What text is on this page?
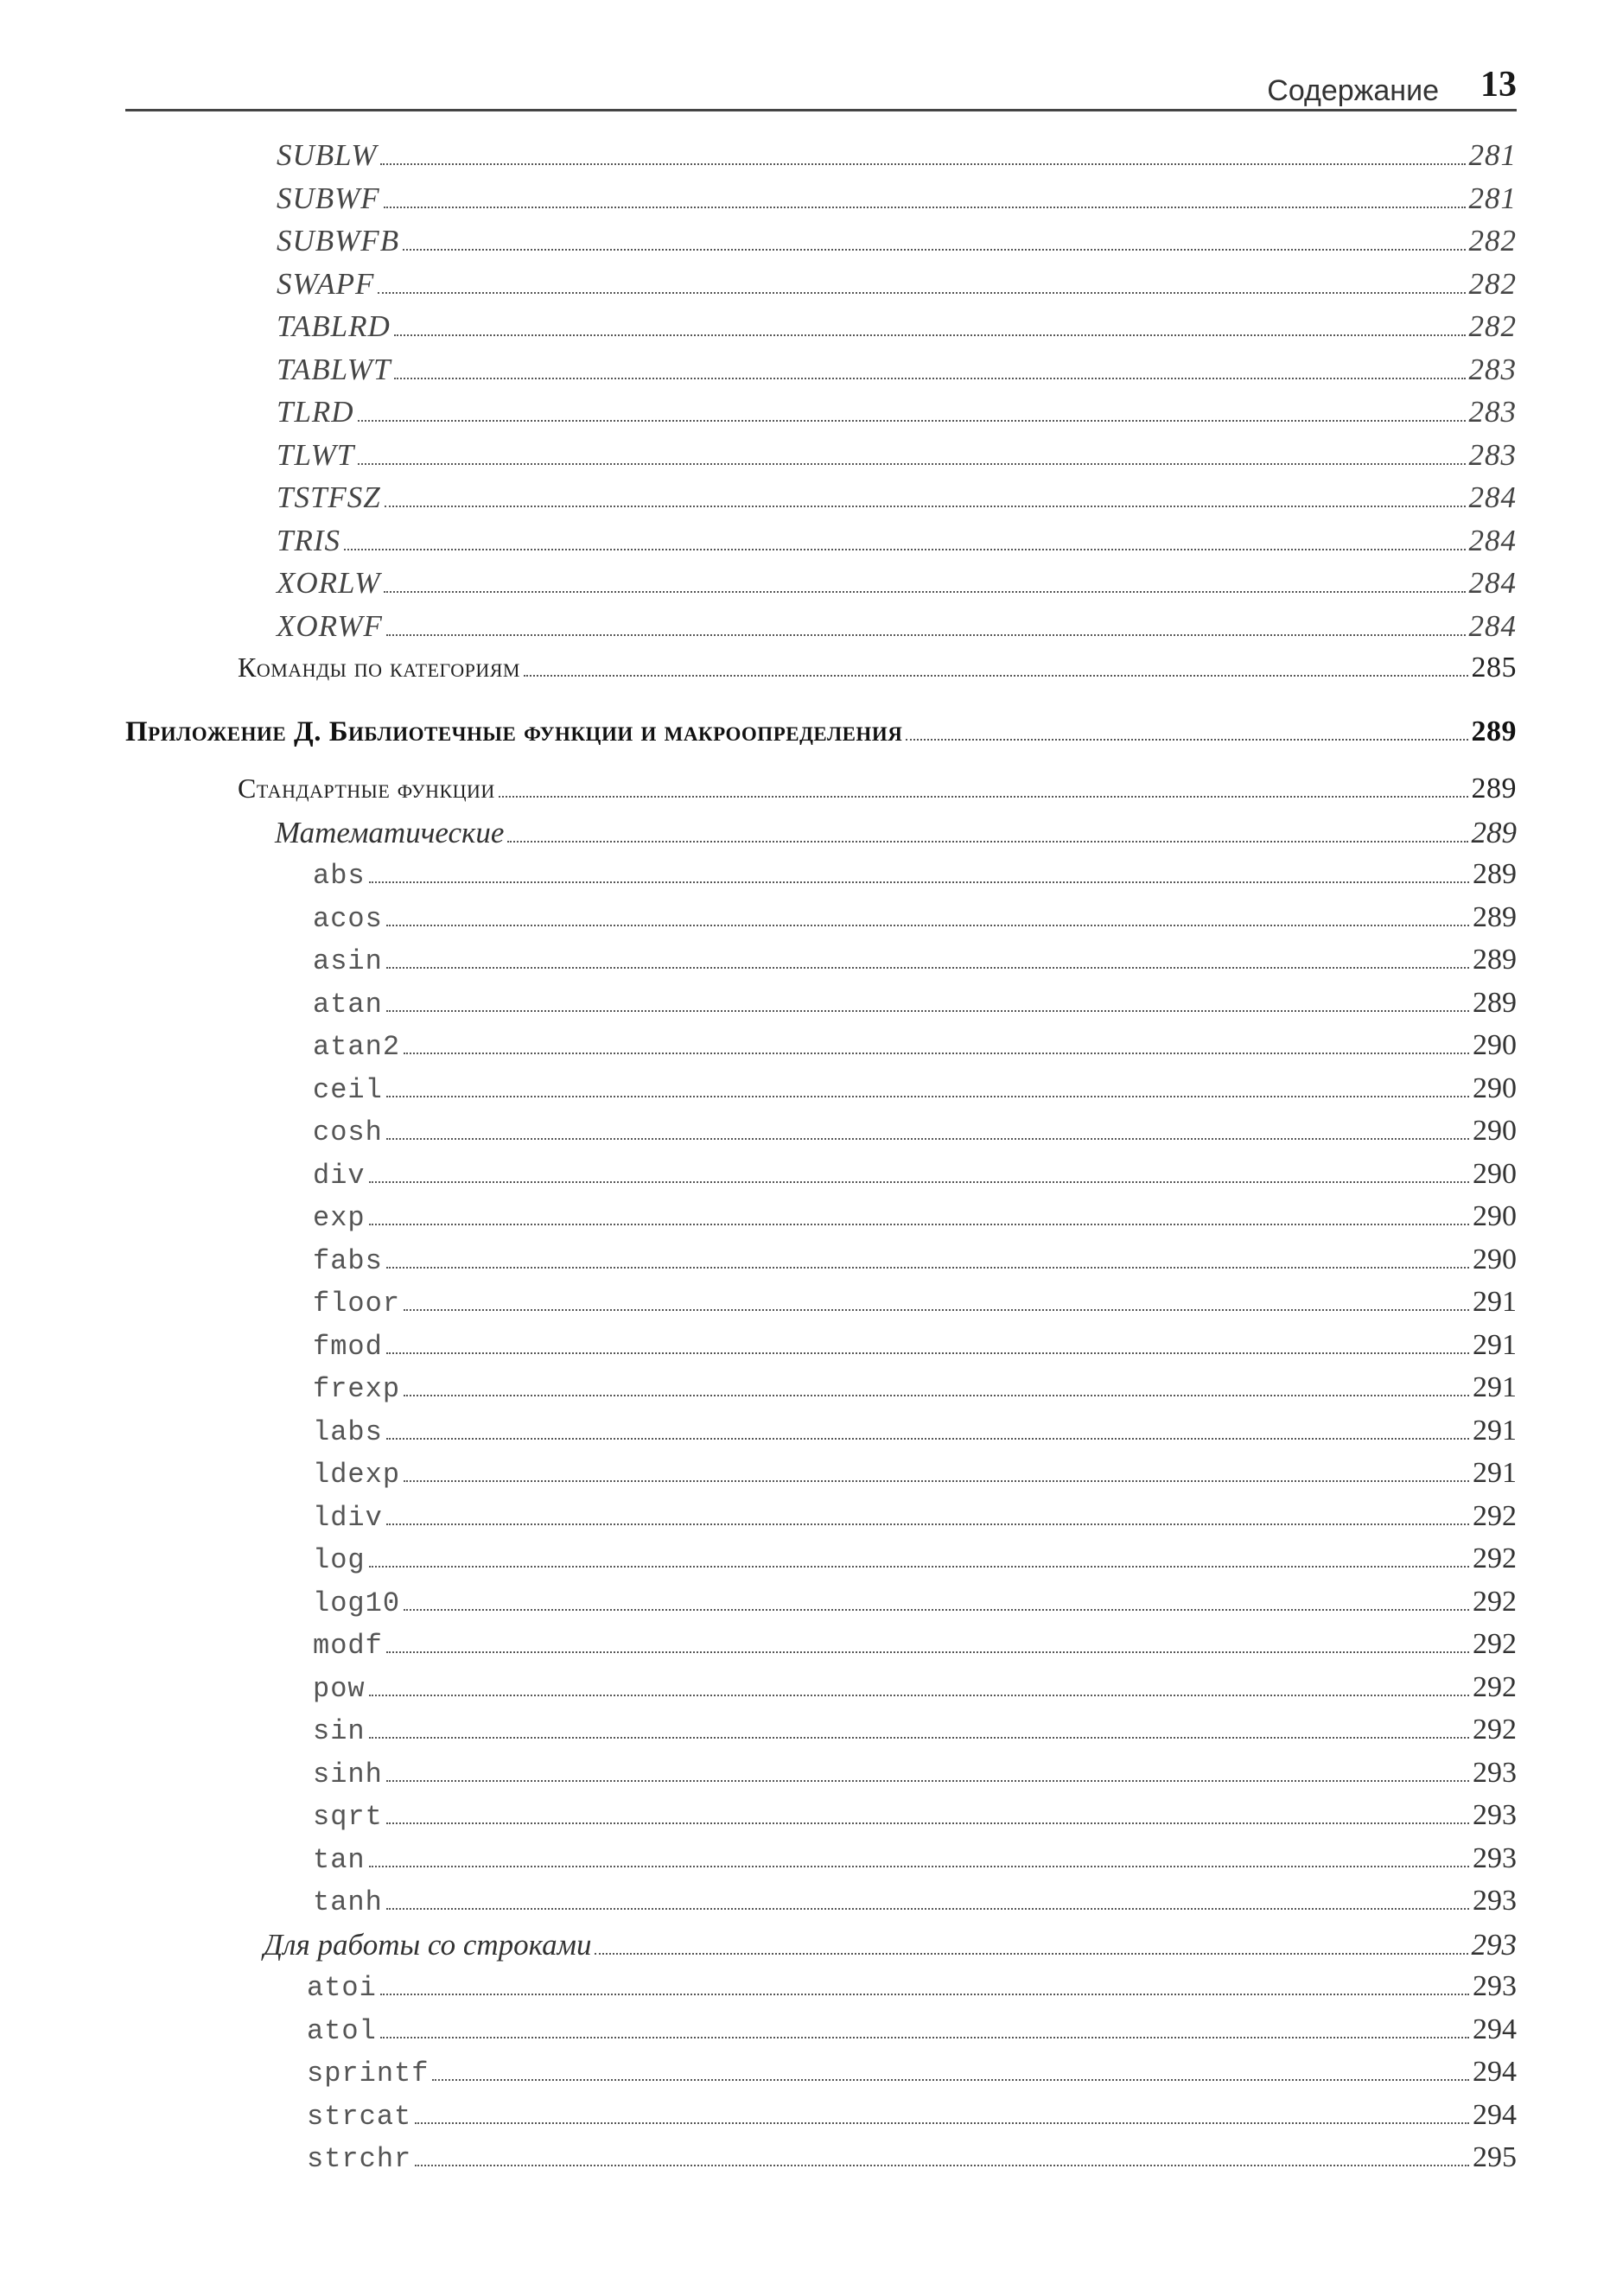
Содержание 13
SUBLW	281
SUBWF	281
SUBWFB	282
SWAPF	282
TABLRD	282
TABLWT	283
TLRD	283
TLWT	283
TSTFSZ	284
TRIS	284
XORLW	284
XORWF	284
Команды по категориям	285
Приложение Д. Библиотечные функции и макроопределения	289
Стандартные функции	289
Математические	289
abs	289
acos	289
asin	289
atan	289
atan2	290
ceil	290
cosh	290
div	290
exp	290
fabs	290
floor	291
fmod	291
frexp	291
labs	291
ldexp	291
ldiv	292
log	292
log10	292
modf	292
pow	292
sin	292
sinh	293
sqrt	293
tan	293
tanh	293
Для работы со строками	293
atoi	293
atol	294
sprintf	294
strcat	294
strchr	295
